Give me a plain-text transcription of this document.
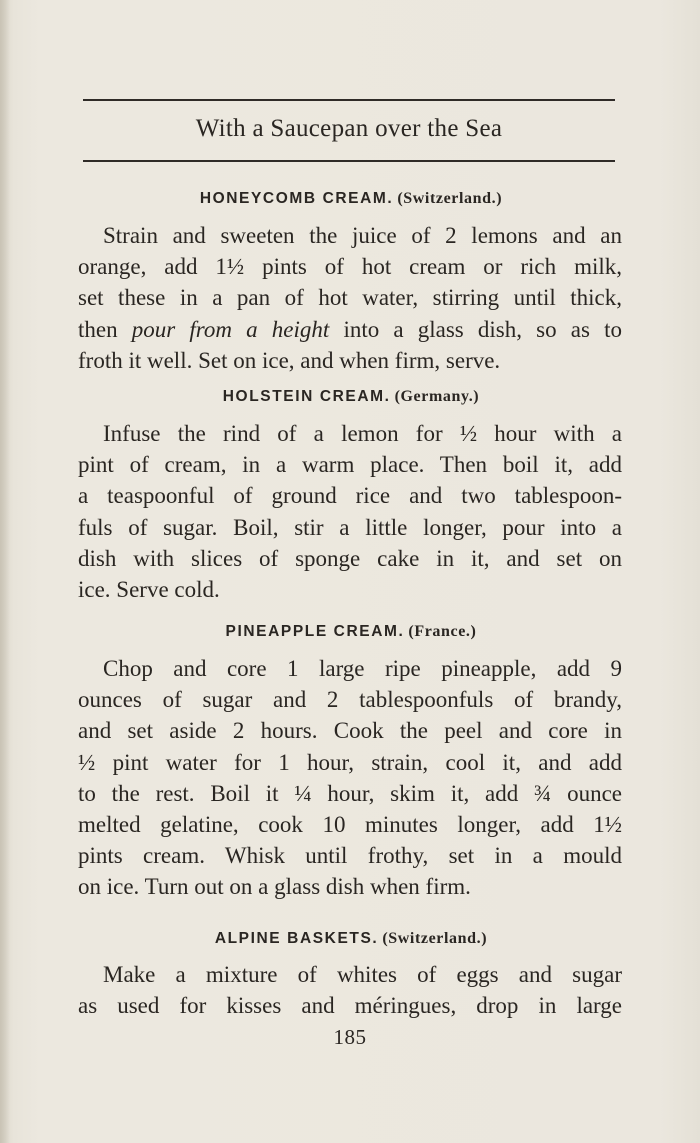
With a Saucepan over the Sea
HONEYCOMB CREAM. (Switzerland.)
Strain and sweeten the juice of 2 lemons and an
orange, add 1½ pints of hot cream or rich milk,
set these in a pan of hot water, stirring until thick,
then pour from a height into a glass dish, so as to
froth it well. Set on ice, and when firm, serve.
HOLSTEIN CREAM. (Germany.)
Infuse the rind of a lemon for ½ hour with a
pint of cream, in a warm place. Then boil it, add
a teaspoonful of ground rice and two tablespoon-
fuls of sugar. Boil, stir a little longer, pour into a
dish with slices of sponge cake in it, and set on
ice. Serve cold.
PINEAPPLE CREAM. (France.)
Chop and core 1 large ripe pineapple, add 9
ounces of sugar and 2 tablespoonfuls of brandy,
and set aside 2 hours. Cook the peel and core in
½ pint water for 1 hour, strain, cool it, and add
to the rest. Boil it ¼ hour, skim it, add ¾ ounce
melted gelatine, cook 10 minutes longer, add 1½
pints cream. Whisk until frothy, set in a mould
on ice. Turn out on a glass dish when firm.
ALPINE BASKETS. (Switzerland.)
Make a mixture of whites of eggs and sugar
as used for kisses and méringues, drop in large
185
